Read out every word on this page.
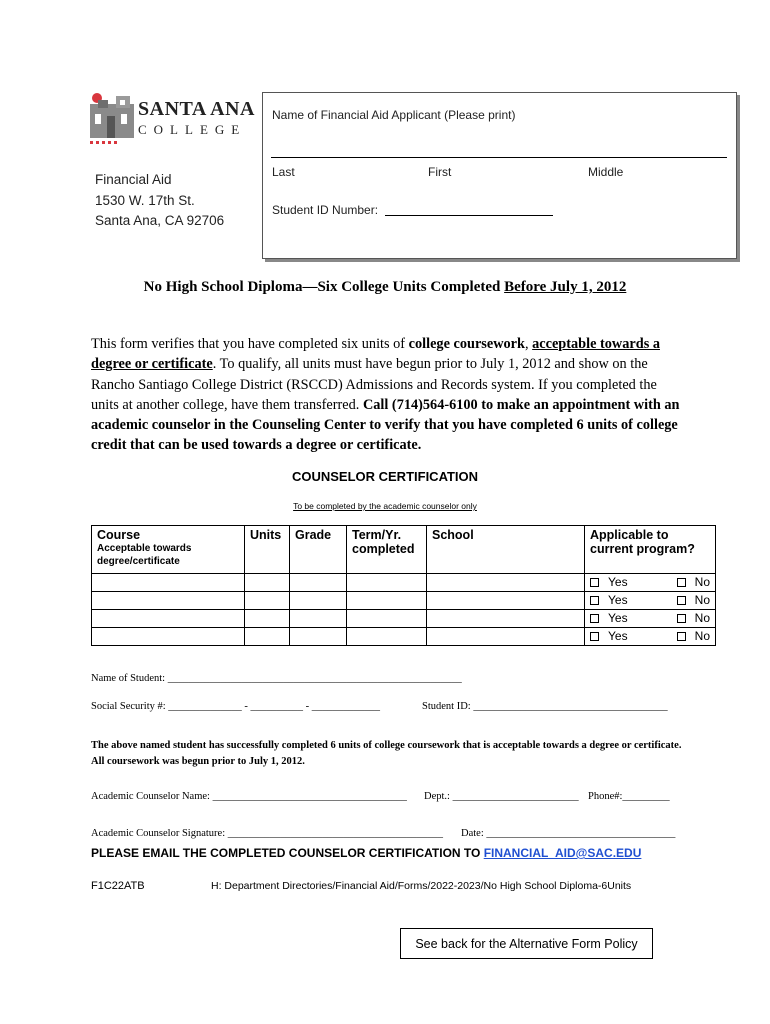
SANTA ANA
COLLEGE
Financial Aid
1530 W. 17th St.
Santa Ana, CA 92706
Name of Financial Aid Applicant (Please print)
Last	First	Middle
Student ID Number:
No High School Diploma—Six College Units Completed Before July 1, 2012
This form verifies that you have completed six units of college coursework, acceptable towards a degree or certificate. To qualify, all units must have begun prior to July 1, 2012 and show on the Rancho Santiago College District (RSCCD) Admissions and Records system. If you completed the units at another college, have them transferred. Call (714)564-6100 to make an appointment with an academic counselor in the Counseling Center to verify that you have completed 6 units of college credit that can be used towards a degree or certificate.
COUNSELOR CERTIFICATION
To be completed by the academic counselor only
Course
Acceptable towards degree/certificate	Units	Grade	Term/Yr. completed	School	Applicable to current program?

					Yes No

					Yes No

					Yes No

					Yes No
Name of Student: ________________________________________________________
Social Security #: ______________ - __________ - _____________	Student ID: _____________________________________
The above named student has successfully completed 6 units of college coursework that is acceptable towards a degree or certificate. All coursework was begun prior to July 1, 2012.
Academic Counselor Name: _____________________________________ Dept.: ________________________ Phone#:_________
Academic Counselor Signature: _________________________________________ Date: ____________________________________
PLEASE EMAIL THE COMPLETED COUNSELOR CERTIFICATION TO FINANCIAL_AID@SAC.EDU
F1C22ATB	H: Department Directories/Financial Aid/Forms/2022-2023/No High School Diploma-6Units
See back for the Alternative Form Policy
